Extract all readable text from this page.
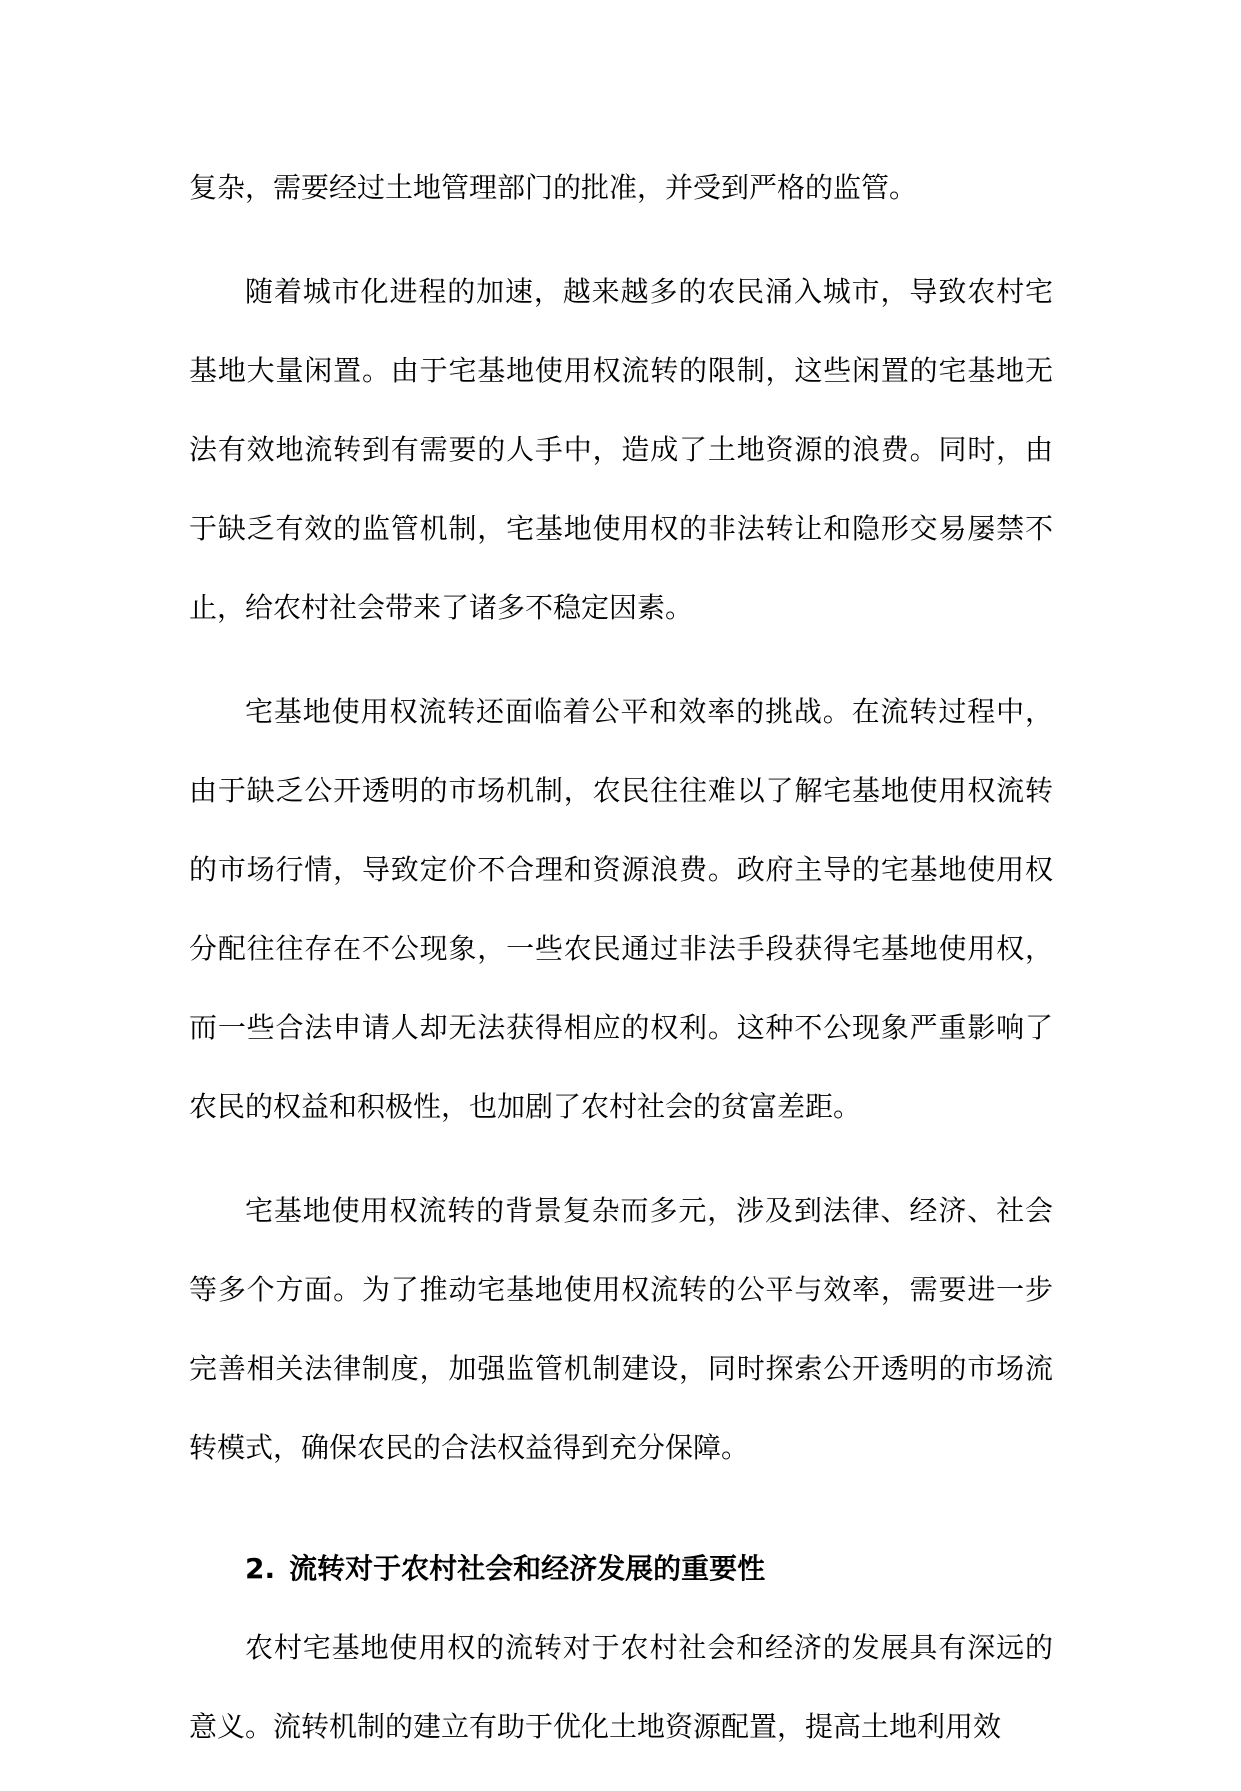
复杂，需要经过土地管理部门的批准，并受到严格的监管。

随着城市化进程的加速，越来越多的农民涌入城市，导致农村宅基地大量闲置。由于宅基地使用权流转的限制，这些闲置的宅基地无法有效地流转到有需要的人手中，造成了土地资源的浪费。同时，由于缺乏有效的监管机制，宅基地使用权的非法转让和隐形交易屡禁不止，给农村社会带来了诸多不稳定因素。

宅基地使用权流转还面临着公平和效率的挑战。在流转过程中，由于缺乏公开透明的市场机制，农民往往难以了解宅基地使用权流转的市场行情，导致定价不合理和资源浪费。政府主导的宅基地使用权分配往往存在不公现象，一些农民通过非法手段获得宅基地使用权，而一些合法申请人却无法获得相应的权利。这种不公现象严重影响了农民的权益和积极性，也加剧了农村社会的贫富差距。

宅基地使用权流转的背景复杂而多元，涉及到法律、经济、社会等多个方面。为了推动宅基地使用权流转的公平与效率，需要进一步完善相关法律制度，加强监管机制建设，同时探索公开透明的市场流转模式，确保农民的合法权益得到充分保障。

2. 流转对于农村社会和经济发展的重要性

农村宅基地使用权的流转对于农村社会和经济的发展具有深远的意义。流转机制的建立有助于优化土地资源配置，提高土地利用效
